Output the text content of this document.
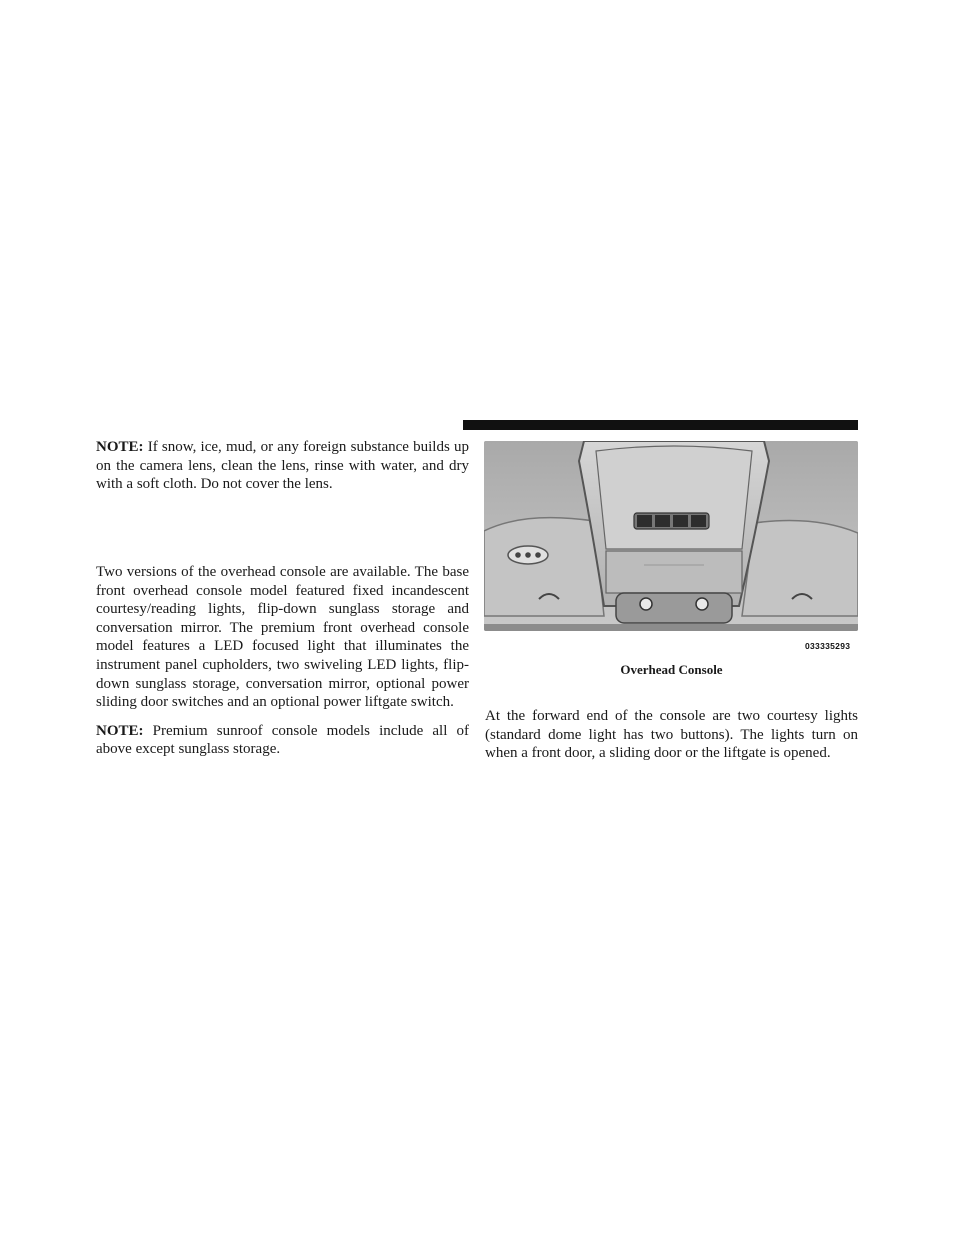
NOTE: If snow, ice, mud, or any foreign substance builds up on the camera lens, clean the lens, rinse with water, and dry with a soft cloth. Do not cover the lens.

Two versions of the overhead console are available. The base front overhead console model featured fixed incandescent courtesy/reading lights, flip-down sunglass storage and conversation mirror. The premium front overhead console model features a LED focused light that illuminates the instrument panel cupholders, two swiveling LED lights, flip-down sunglass storage, conversation mirror, optional power sliding door switches and an optional power liftgate switch.

NOTE: Premium sunroof console models include all of above except sunglass storage.

033335293
Overhead Console

At the forward end of the console are two courtesy lights (standard dome light has two buttons). The lights turn on when a front door, a sliding door or the liftgate is opened.
